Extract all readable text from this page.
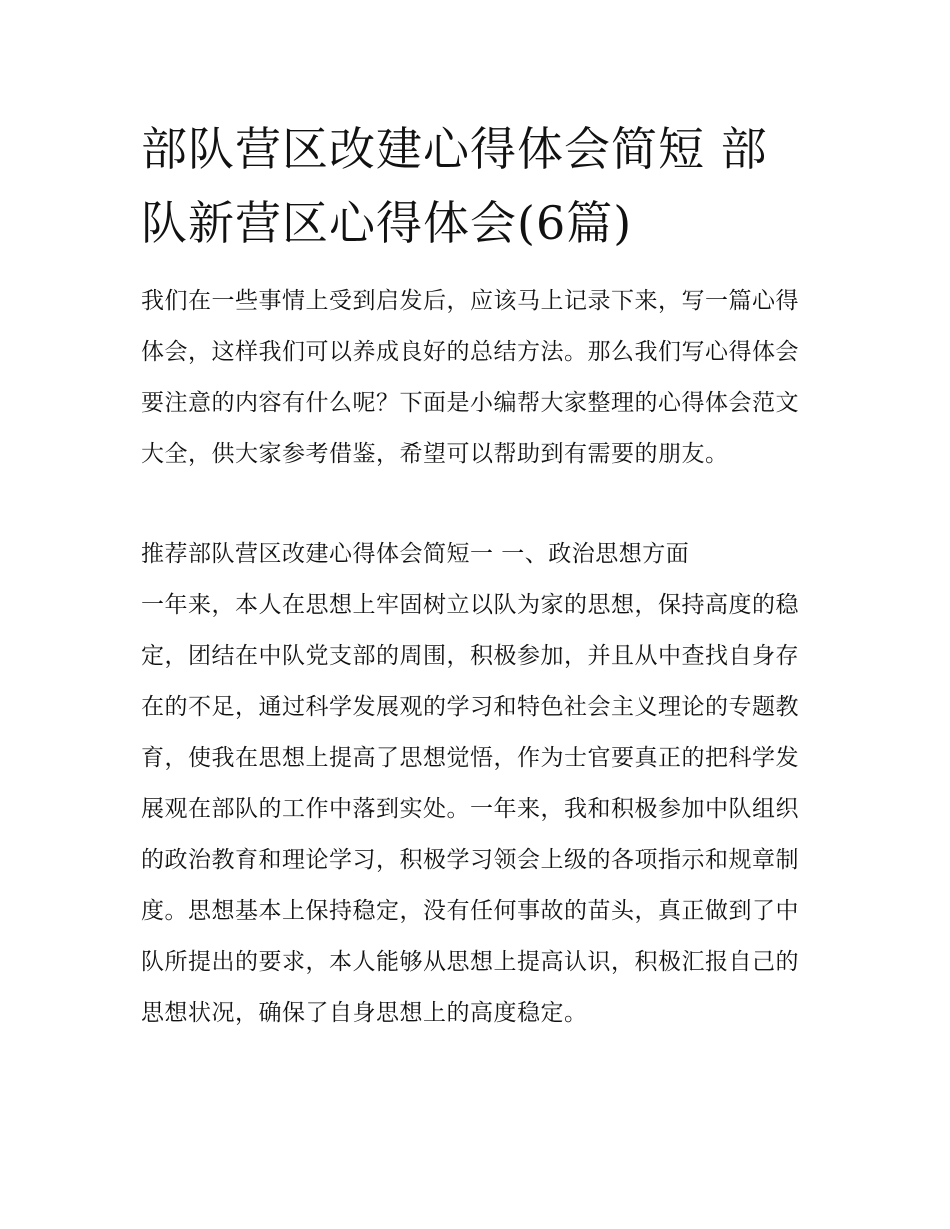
部队营区改建心得体会简短 部队新营区心得体会(6篇)

我们在一些事情上受到启发后，应该马上记录下来，写一篇心得体会，这样我们可以养成良好的总结方法。那么我们写心得体会要注意的内容有什么呢？下面是小编帮大家整理的心得体会范文大全，供大家参考借鉴，希望可以帮助到有需要的朋友。

推荐部队营区改建心得体会简短一 一、政治思想方面

一年来，本人在思想上牢固树立以队为家的思想，保持高度的稳定，团结在中队党支部的周围，积极参加，并且从中查找自身存在的不足，通过科学发展观的学习和特色社会主义理论的专题教育，使我在思想上提高了思想觉悟，作为士官要真正的把科学发展观在部队的工作中落到实处。一年来，我和积极参加中队组织的政治教育和理论学习，积极学习领会上级的各项指示和规章制度。思想基本上保持稳定，没有任何事故的苗头，真正做到了中队所提出的要求，本人能够从思想上提高认识，积极汇报自己的思想状况，确保了自身思想上的高度稳定。
